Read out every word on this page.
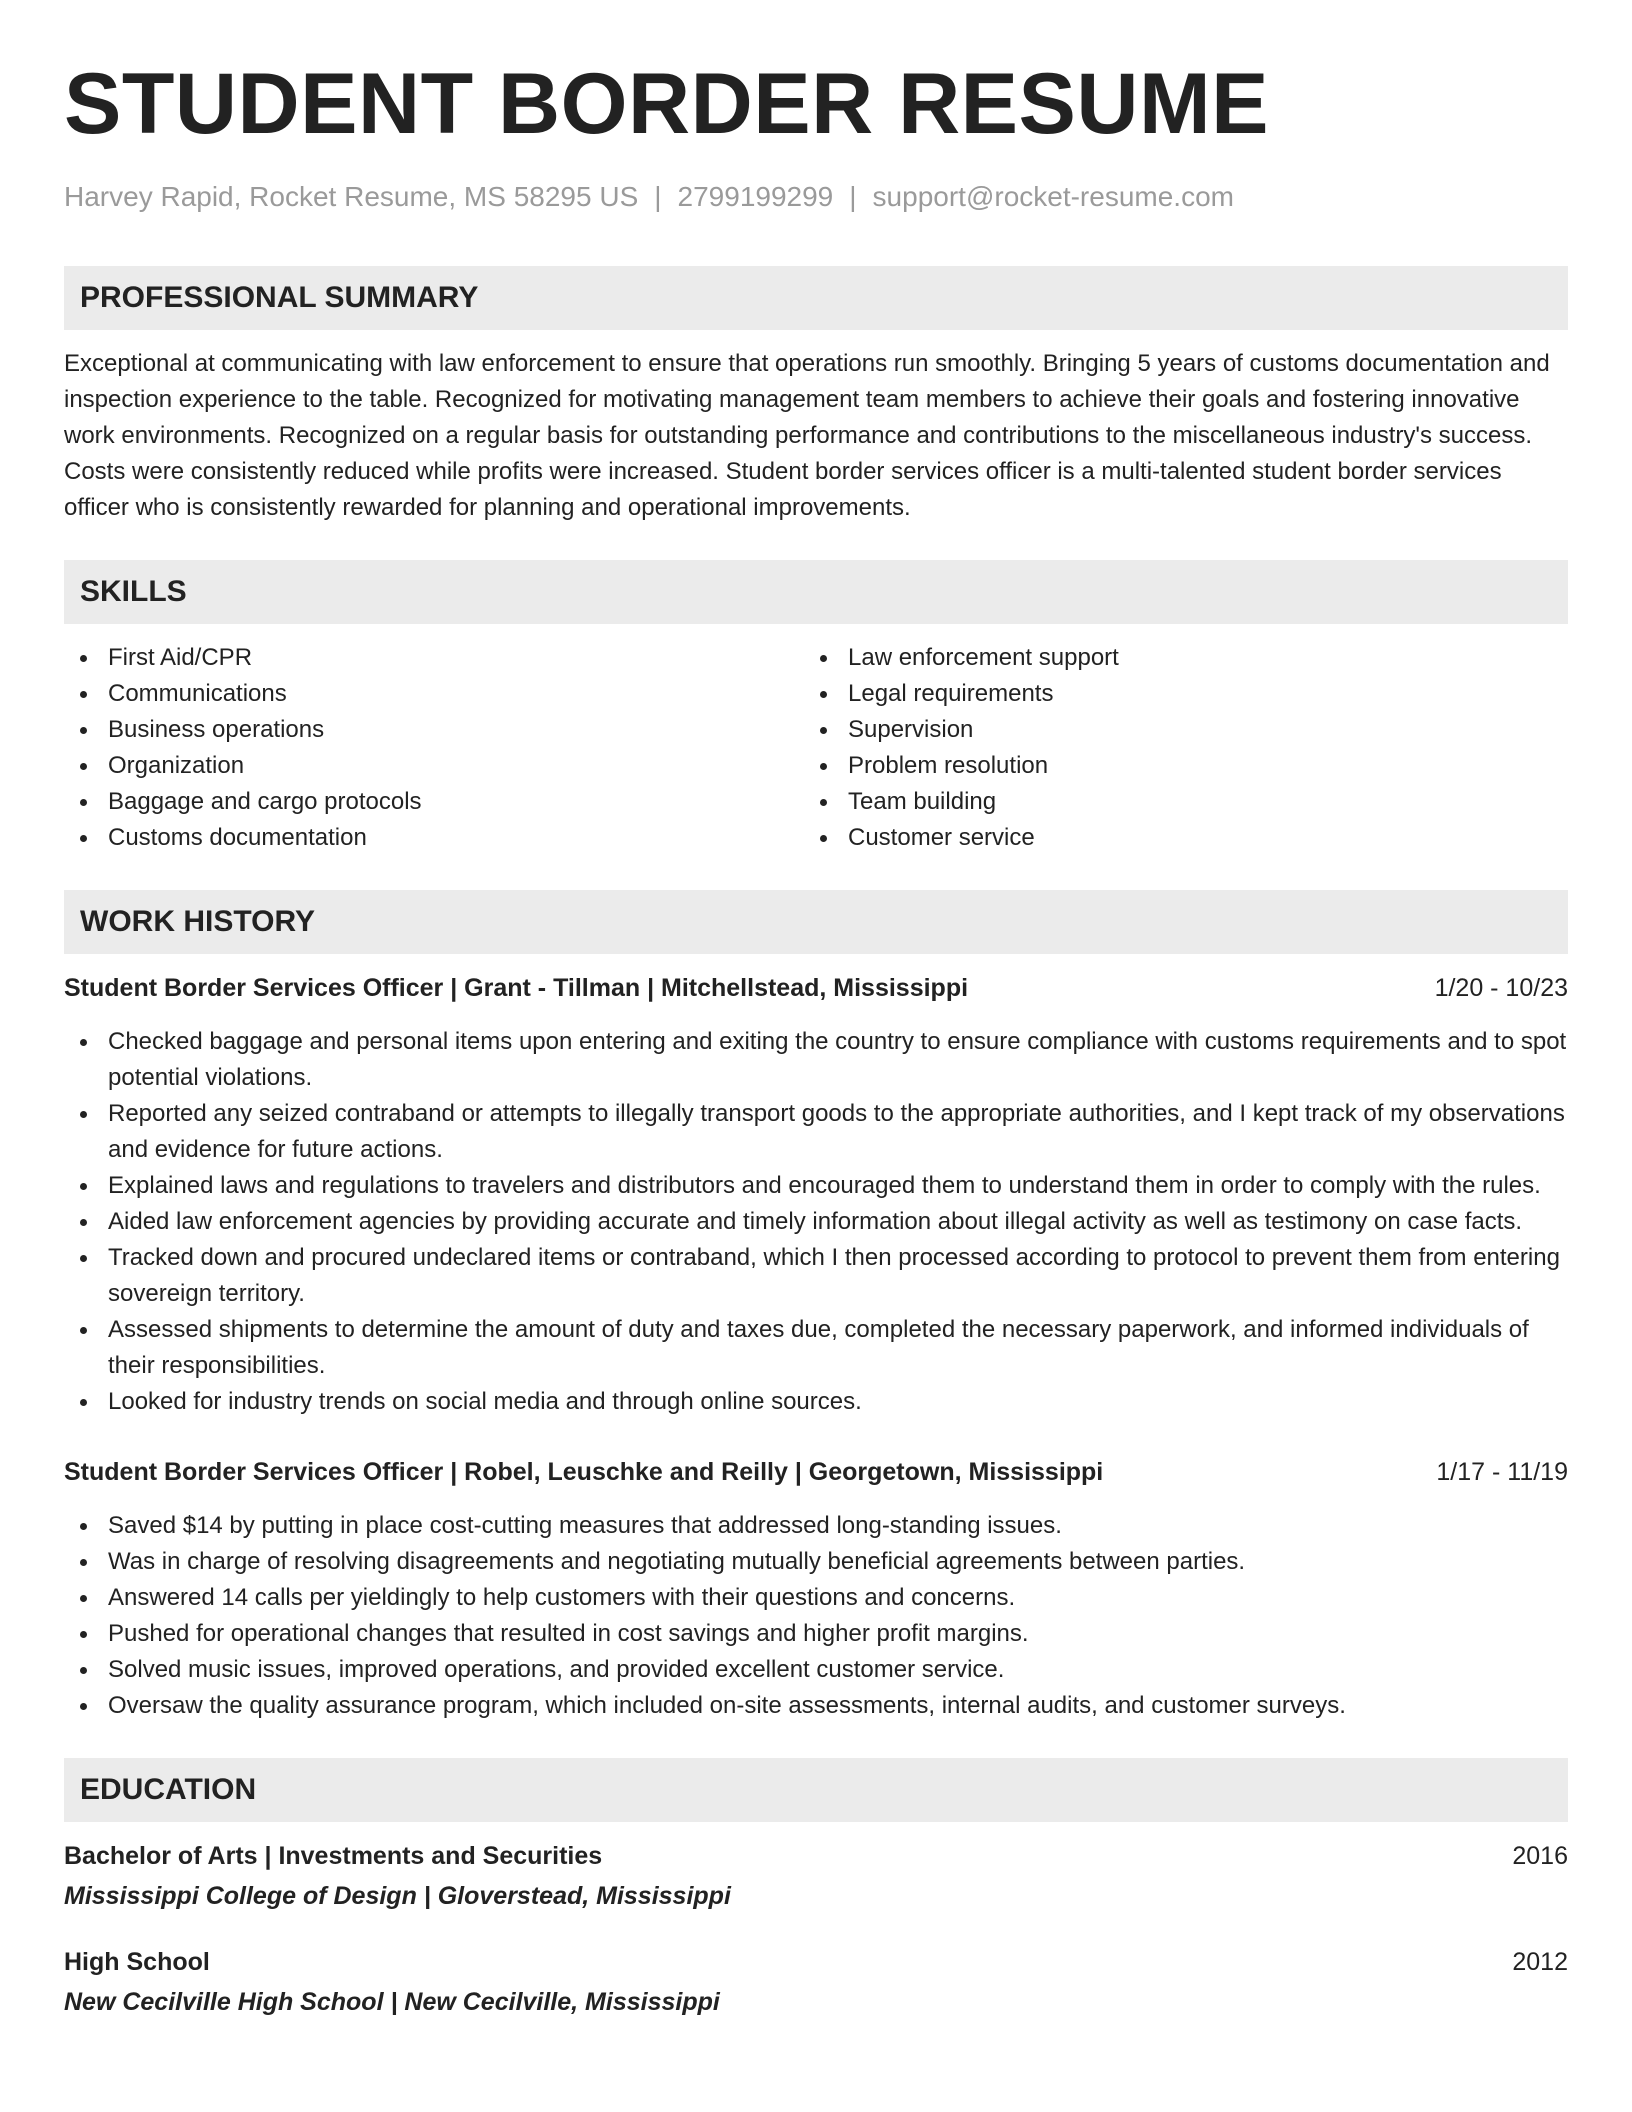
STUDENT BORDER RESUME
Harvey Rapid, Rocket Resume, MS 58295 US | 2799199299 | support@rocket-resume.com
PROFESSIONAL SUMMARY

Exceptional at communicating with law enforcement to ensure that operations run smoothly. Bringing 5 years of customs documentation and inspection experience to the table. Recognized for motivating management team members to achieve their goals and fostering innovative work environments. Recognized on a regular basis for outstanding performance and contributions to the miscellaneous industry's success. Costs were consistently reduced while profits were increased. Student border services officer is a multi-talented student border services officer who is consistently rewarded for planning and operational improvements.

SKILLS
First Aid/CPR
Communications
Business operations
Organization
Baggage and cargo protocols
Customs documentation
Law enforcement support
Legal requirements
Supervision
Problem resolution
Team building
Customer service
WORK HISTORY
Student Border Services Officer | Grant - Tillman | Mitchellstead, Mississippi	1/20 - 10/23
Checked baggage and personal items upon entering and exiting the country to ensure compliance with customs requirements and to spot potential violations.
Reported any seized contraband or attempts to illegally transport goods to the appropriate authorities, and I kept track of my observations and evidence for future actions.
Explained laws and regulations to travelers and distributors and encouraged them to understand them in order to comply with the rules.
Aided law enforcement agencies by providing accurate and timely information about illegal activity as well as testimony on case facts.
Tracked down and procured undeclared items or contraband, which I then processed according to protocol to prevent them from entering sovereign territory.
Assessed shipments to determine the amount of duty and taxes due, completed the necessary paperwork, and informed individuals of their responsibilities.
Looked for industry trends on social media and through online sources.
Student Border Services Officer | Robel, Leuschke and Reilly | Georgetown, Mississippi	1/17 - 11/19
Saved $14 by putting in place cost-cutting measures that addressed long-standing issues.
Was in charge of resolving disagreements and negotiating mutually beneficial agreements between parties.
Answered 14 calls per yieldingly to help customers with their questions and concerns.
Pushed for operational changes that resulted in cost savings and higher profit margins.
Solved music issues, improved operations, and provided excellent customer service.
Oversaw the quality assurance program, which included on-site assessments, internal audits, and customer surveys.
EDUCATION
Bachelor of Arts | Investments and Securities	2016
Mississippi College of Design | Gloverstead, Mississippi
High School	2012
New Cecilville High School | New Cecilville, Mississippi
